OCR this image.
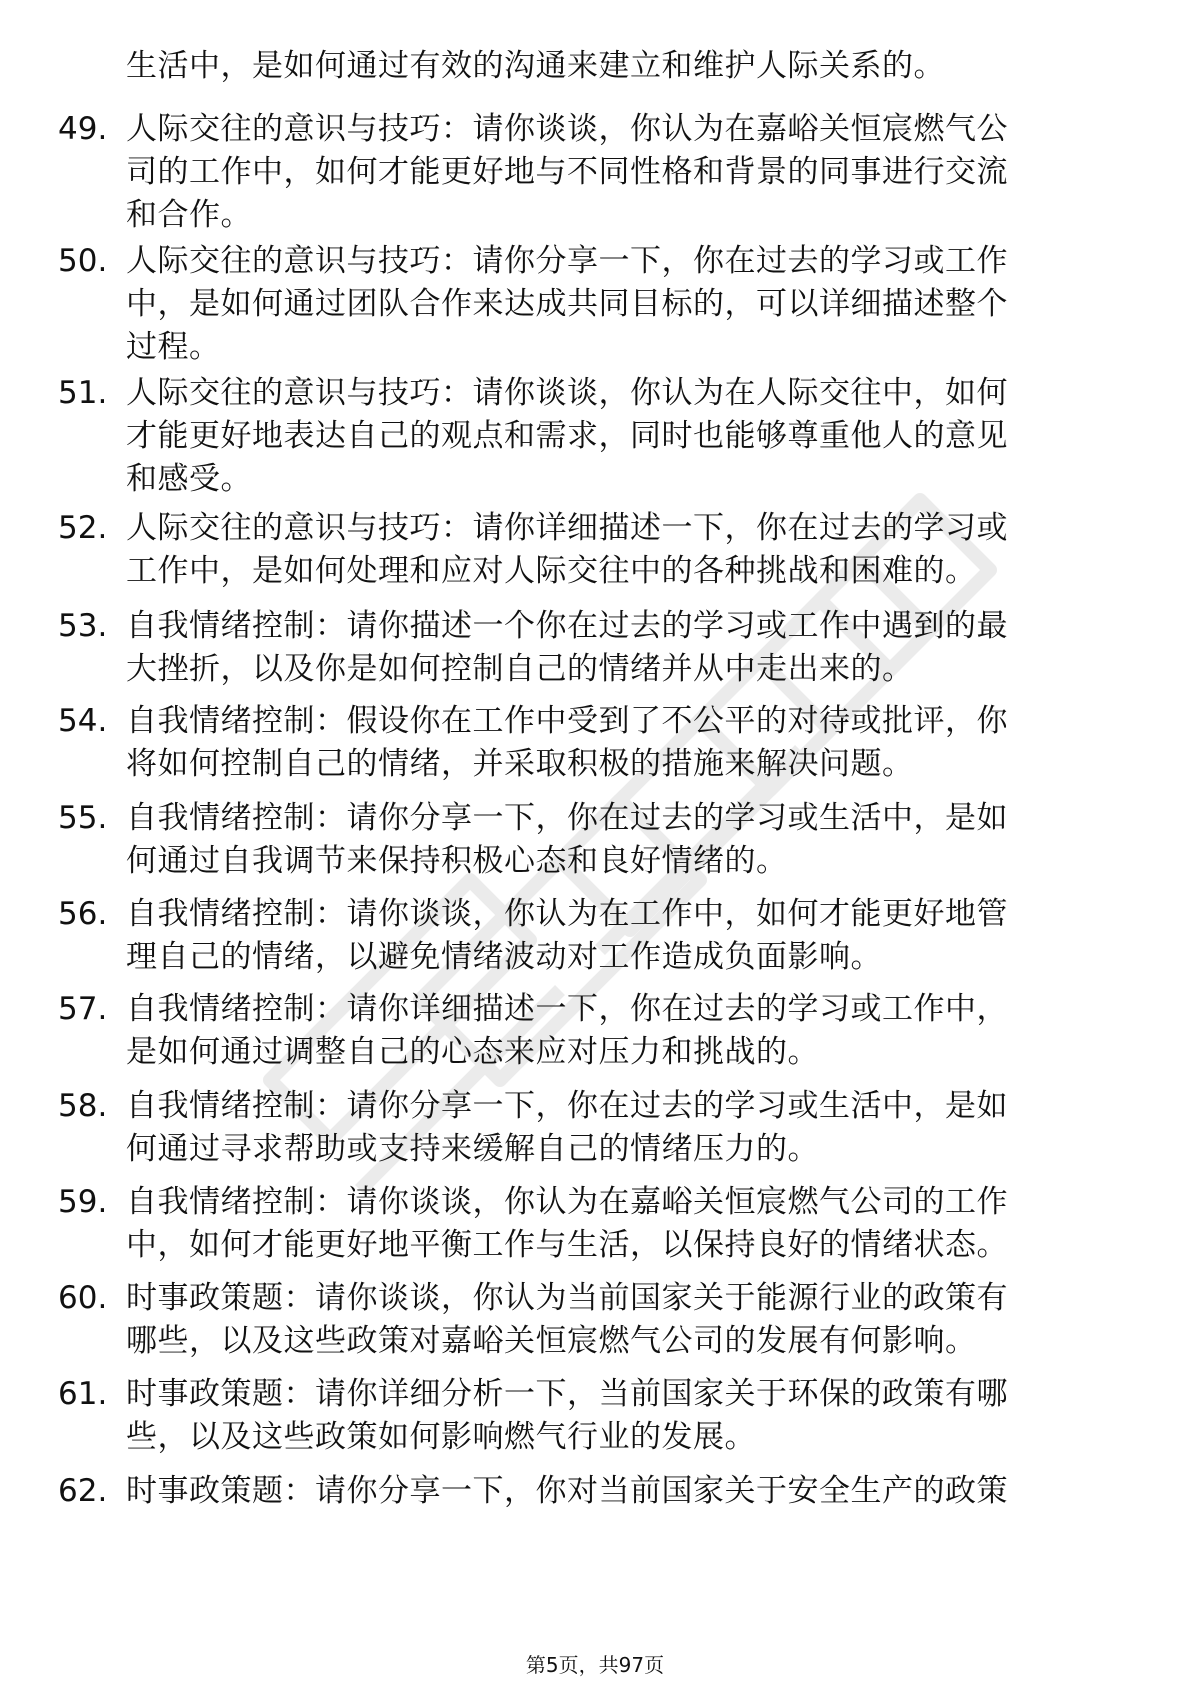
生活中，是如何通过有效的沟通来建立和维护人际关系的。
49. 人际交往的意识与技巧：请你谈谈，你认为在嘉峪关恒宸燃气公
司的工作中，如何才能更好地与不同性格和背景的同事进行交流
和合作。
50. 人际交往的意识与技巧：请你分享一下，你在过去的学习或工作
中，是如何通过团队合作来达成共同目标的，可以详细描述整个
过程。
51. 人际交往的意识与技巧：请你谈谈，你认为在人际交往中，如何
才能更好地表达自己的观点和需求，同时也能够尊重他人的意见
和感受。
52. 人际交往的意识与技巧：请你详细描述一下，你在过去的学习或
工作中，是如何处理和应对人际交往中的各种挑战和困难的。
53. 自我情绪控制：请你描述一个你在过去的学习或工作中遇到的最
大挫折，以及你是如何控制自己的情绪并从中走出来的。
54. 自我情绪控制：假设你在工作中受到了不公平的对待或批评，你
将如何控制自己的情绪，并采取积极的措施来解决问题。
55. 自我情绪控制：请你分享一下，你在过去的学习或生活中，是如
何通过自我调节来保持积极心态和良好情绪的。
56. 自我情绪控制：请你谈谈，你认为在工作中，如何才能更好地管
理自己的情绪，以避免情绪波动对工作造成负面影响。
57. 自我情绪控制：请你详细描述一下，你在过去的学习或工作中，
是如何通过调整自己的心态来应对压力和挑战的。
58. 自我情绪控制：请你分享一下，你在过去的学习或生活中，是如
何通过寻求帮助或支持来缓解自己的情绪压力的。
59. 自我情绪控制：请你谈谈，你认为在嘉峪关恒宸燃气公司的工作
中，如何才能更好地平衡工作与生活，以保持良好的情绪状态。
60. 时事政策题：请你谈谈，你认为当前国家关于能源行业的政策有
哪些，以及这些政策对嘉峪关恒宸燃气公司的发展有何影响。
61. 时事政策题：请你详细分析一下，当前国家关于环保的政策有哪
些，以及这些政策如何影响燃气行业的发展。
62. 时事政策题：请你分享一下，你对当前国家关于安全生产的政策
第5页，共97页
